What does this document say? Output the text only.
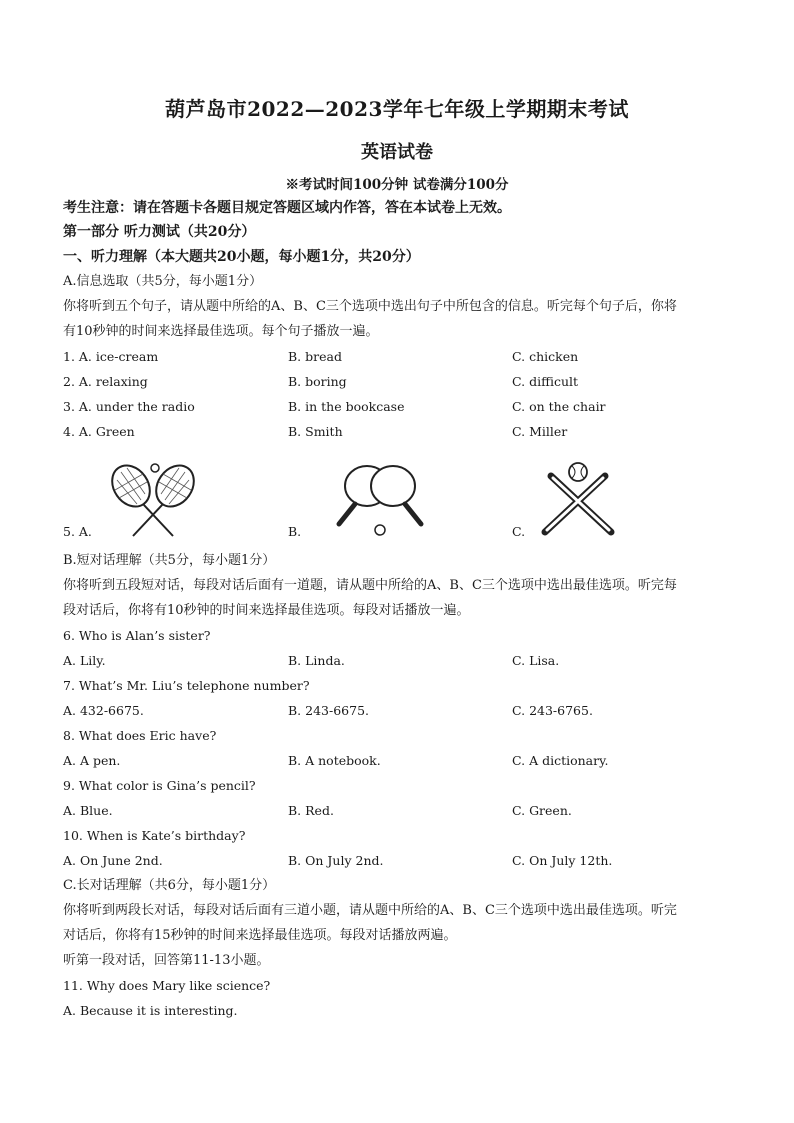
葫芦岛市2022—2023学年七年级上学期期末考试
英语试卷
※考试时间100分钟 试卷满分100分
考生注意：请在答题卡各题目规定答题区域内作答，答在本试卷上无效。
第一部分 听力测试（共20分）
一、听力理解（本大题共20小题，每小题1分，共20分）
A.信息选取（共5分，每小题1分）
你将听到五个句子，请从题中所给的A、B、C三个选项中选出句子中所包含的信息。听完每个句子后，你将
有10秒钟的时间来选择最佳选项。每个句子播放一遍。
1. A. ice-cream	B. bread	C. chicken
2. A. relaxing	B. boring	C. difficult
3. A. under the radio	B. in the bookcase	C. on the chair
4. A. Green	B. Smith	C. Miller
5. A.	B.	C.
B.短对话理解（共5分，每小题1分）
你将听到五段短对话，每段对话后面有一道题，请从题中所给的A、B、C三个选项中选出最佳选项。听完每
段对话后，你将有10秒钟的时间来选择最佳选项。每段对话播放一遍。
6. Who is Alan’s sister?
A. Lily.	B. Linda.	C. Lisa.
7. What’s Mr. Liu’s telephone number?
A. 432-6675.	B. 243-6675.	C. 243-6765.
8. What does Eric have?
A. A pen.	B. A notebook.	C. A dictionary.
9. What color is Gina’s pencil?
A. Blue.	B. Red.	C. Green.
10. When is Kate’s birthday?
A. On June 2nd.	B. On July 2nd.	C. On July 12th.
C.长对话理解（共6分，每小题1分）
你将听到两段长对话，每段对话后面有三道小题，请从题中所给的A、B、C三个选项中选出最佳选项。听完
对话后，你将有15秒钟的时间来选择最佳选项。每段对话播放两遍。
听第一段对话，回答第11-13小题。
11. Why does Mary like science?
A. Because it is interesting.
